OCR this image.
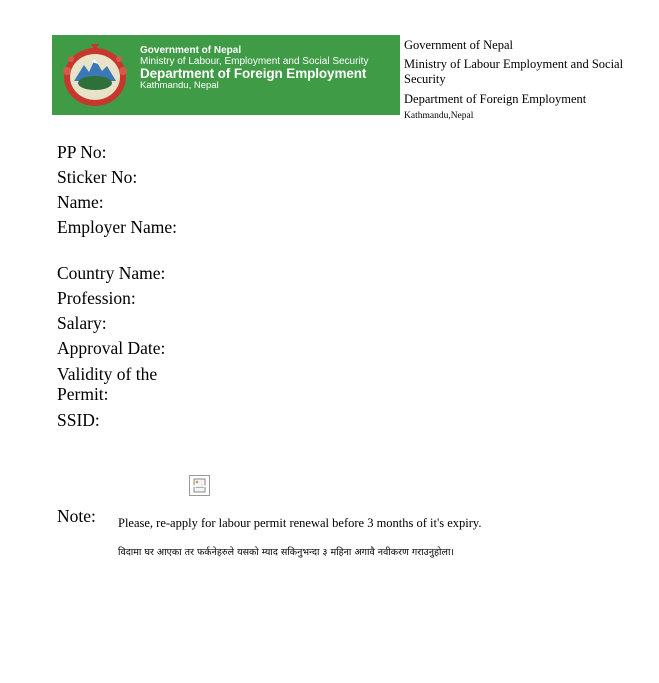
Government of Nepal
Ministry of Labour, Employment and Social Security
Department of Foreign Employment
Kathmandu, Nepal
Government of Nepal
Ministry of Labour Employment and Social Security
Department of Foreign Employment
Kathmandu,Nepal
PP No:
Sticker No:
Name:
Employer Name:
Country Name:
Profession:
Salary:
Approval Date:
Validity of the Permit:
SSID:
Note: Please, re-apply for labour permit renewal before 3 months of it's expiry.
विदामा घर आएका तर फर्कनेहरुले यसको म्याद सकिनुभन्दा ३ महिना अगावै नवीकरण गराउनुहोला।
